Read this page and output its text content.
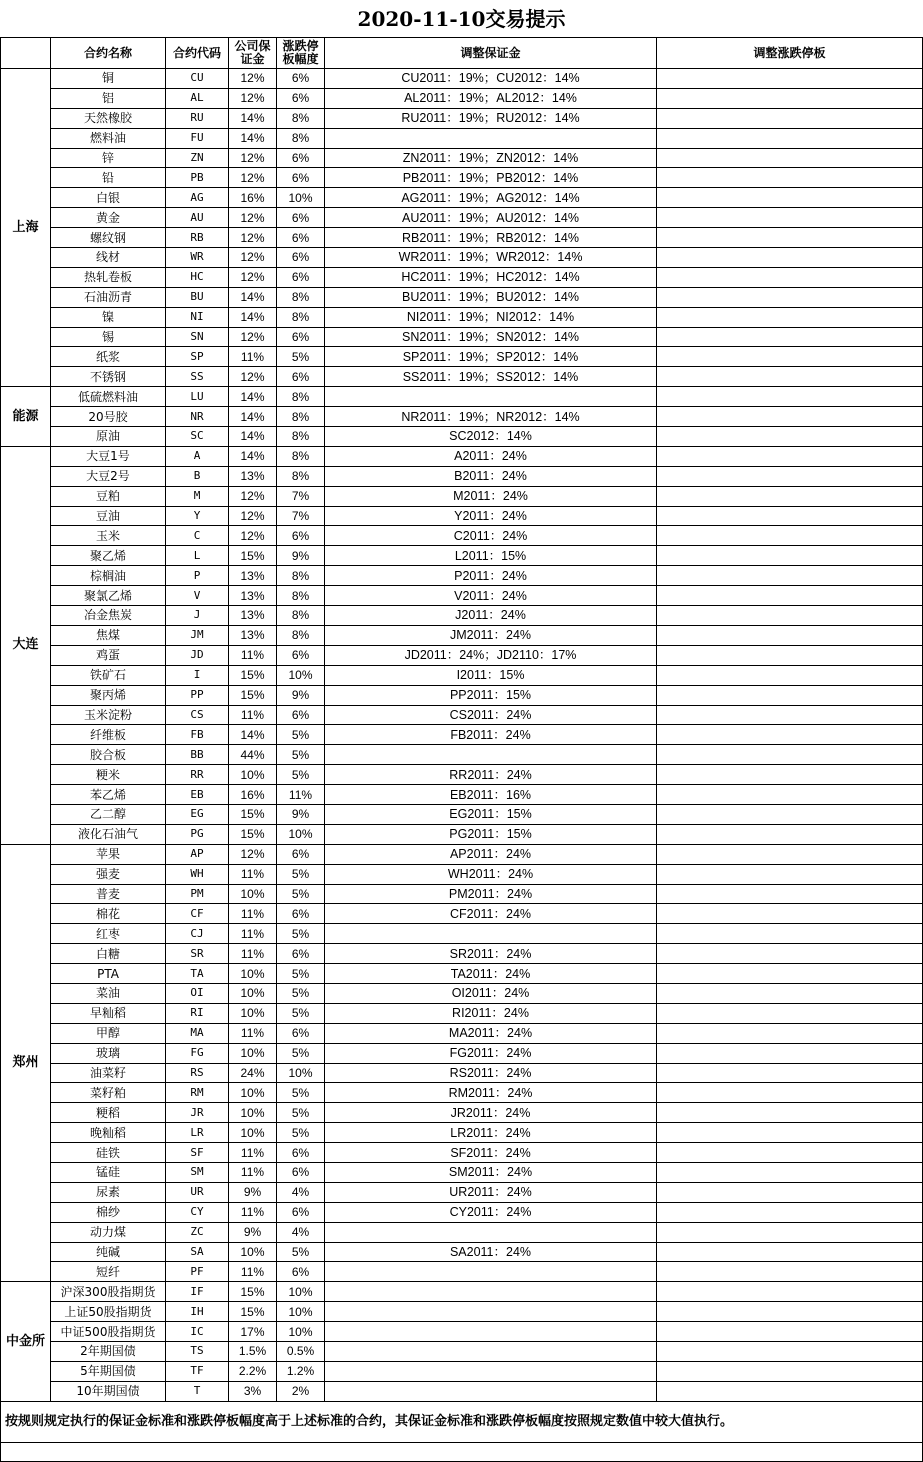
2020-11-10交易提示
	合约名称	合约代码	公司保证金	涨跌停板幅度	调整保证金	调整涨跌停板
上海	铜	CU	12%	6%	CU2011：19%；CU2012：14%	
	铝	AL	12%	6%	AL2011：19%；AL2012：14%	
	天然橡胶	RU	14%	8%	RU2011：19%；RU2012：14%	
	燃料油	FU	14%	8%		
	锌	ZN	12%	6%	ZN2011：19%；ZN2012：14%	
	铅	PB	12%	6%	PB2011：19%；PB2012：14%	
	白银	AG	16%	10%	AG2011：19%；AG2012：14%	
	黄金	AU	12%	6%	AU2011：19%；AU2012：14%	
	螺纹钢	RB	12%	6%	RB2011：19%；RB2012：14%	
	线材	WR	12%	6%	WR2011：19%；WR2012：14%	
	热轧卷板	HC	12%	6%	HC2011：19%；HC2012：14%	
	石油沥青	BU	14%	8%	BU2011：19%；BU2012：14%	
	镍	NI	14%	8%	NI2011：19%；NI2012：14%	
	锡	SN	12%	6%	SN2011：19%；SN2012：14%	
	纸浆	SP	11%	5%	SP2011：19%；SP2012：14%	
	不锈钢	SS	12%	6%	SS2011：19%；SS2012：14%	
能源	低硫燃料油	LU	14%	8%		
	20号胶	NR	14%	8%	NR2011：19%；NR2012：14%	
	原油	SC	14%	8%	SC2012：14%	
大连	大豆1号	A	14%	8%	A2011：24%	
	大豆2号	B	13%	8%	B2011：24%	
	豆粕	M	12%	7%	M2011：24%	
	豆油	Y	12%	7%	Y2011：24%	
	玉米	C	12%	6%	C2011：24%	
	聚乙烯	L	15%	9%	L2011：15%	
	棕榈油	P	13%	8%	P2011：24%	
	聚氯乙烯	V	13%	8%	V2011：24%	
	冶金焦炭	J	13%	8%	J2011：24%	
	焦煤	JM	13%	8%	JM2011：24%	
	鸡蛋	JD	11%	6%	JD2011：24%；JD2110：17%	
	铁矿石	I	15%	10%	I2011：15%	
	聚丙烯	PP	15%	9%	PP2011：15%	
	玉米淀粉	CS	11%	6%	CS2011：24%	
	纤维板	FB	14%	5%	FB2011：24%	
	胶合板	BB	44%	5%		
	粳米	RR	10%	5%	RR2011：24%	
	苯乙烯	EB	16%	11%	EB2011：16%	
	乙二醇	EG	15%	9%	EG2011：15%	
	液化石油气	PG	15%	10%	PG2011：15%	
郑州	苹果	AP	12%	6%	AP2011：24%	
	强麦	WH	11%	5%	WH2011：24%	
	普麦	PM	10%	5%	PM2011：24%	
	棉花	CF	11%	6%	CF2011：24%	
	红枣	CJ	11%	5%		
	白糖	SR	11%	6%	SR2011：24%	
	PTA	TA	10%	5%	TA2011：24%	
	菜油	OI	10%	5%	OI2011：24%	
	早籼稻	RI	10%	5%	RI2011：24%	
	甲醇	MA	11%	6%	MA2011：24%	
	玻璃	FG	10%	5%	FG2011：24%	
	油菜籽	RS	24%	10%	RS2011：24%	
	菜籽粕	RM	10%	5%	RM2011：24%	
	粳稻	JR	10%	5%	JR2011：24%	
	晚籼稻	LR	10%	5%	LR2011：24%	
	硅铁	SF	11%	6%	SF2011：24%	
	锰硅	SM	11%	6%	SM2011：24%	
	尿素	UR	9%	4%	UR2011：24%	
	棉纱	CY	11%	6%	CY2011：24%	
	动力煤	ZC	9%	4%		
	纯碱	SA	10%	5%	SA2011：24%	
	短纤	PF	11%	6%		
中金所	沪深300股指期货	IF	15%	10%		
	上证50股指期货	IH	15%	10%		
	中证500股指期货	IC	17%	10%		
	2年期国债	TS	1.5%	0.5%		
	5年期国债	TF	2.2%	1.2%		
	10年期国债	T	3%	2%		
按规则规定执行的保证金标准和涨跌停板幅度高于上述标准的合约，其保证金标准和涨跌停板幅度按照规定数值中较大值执行。						
